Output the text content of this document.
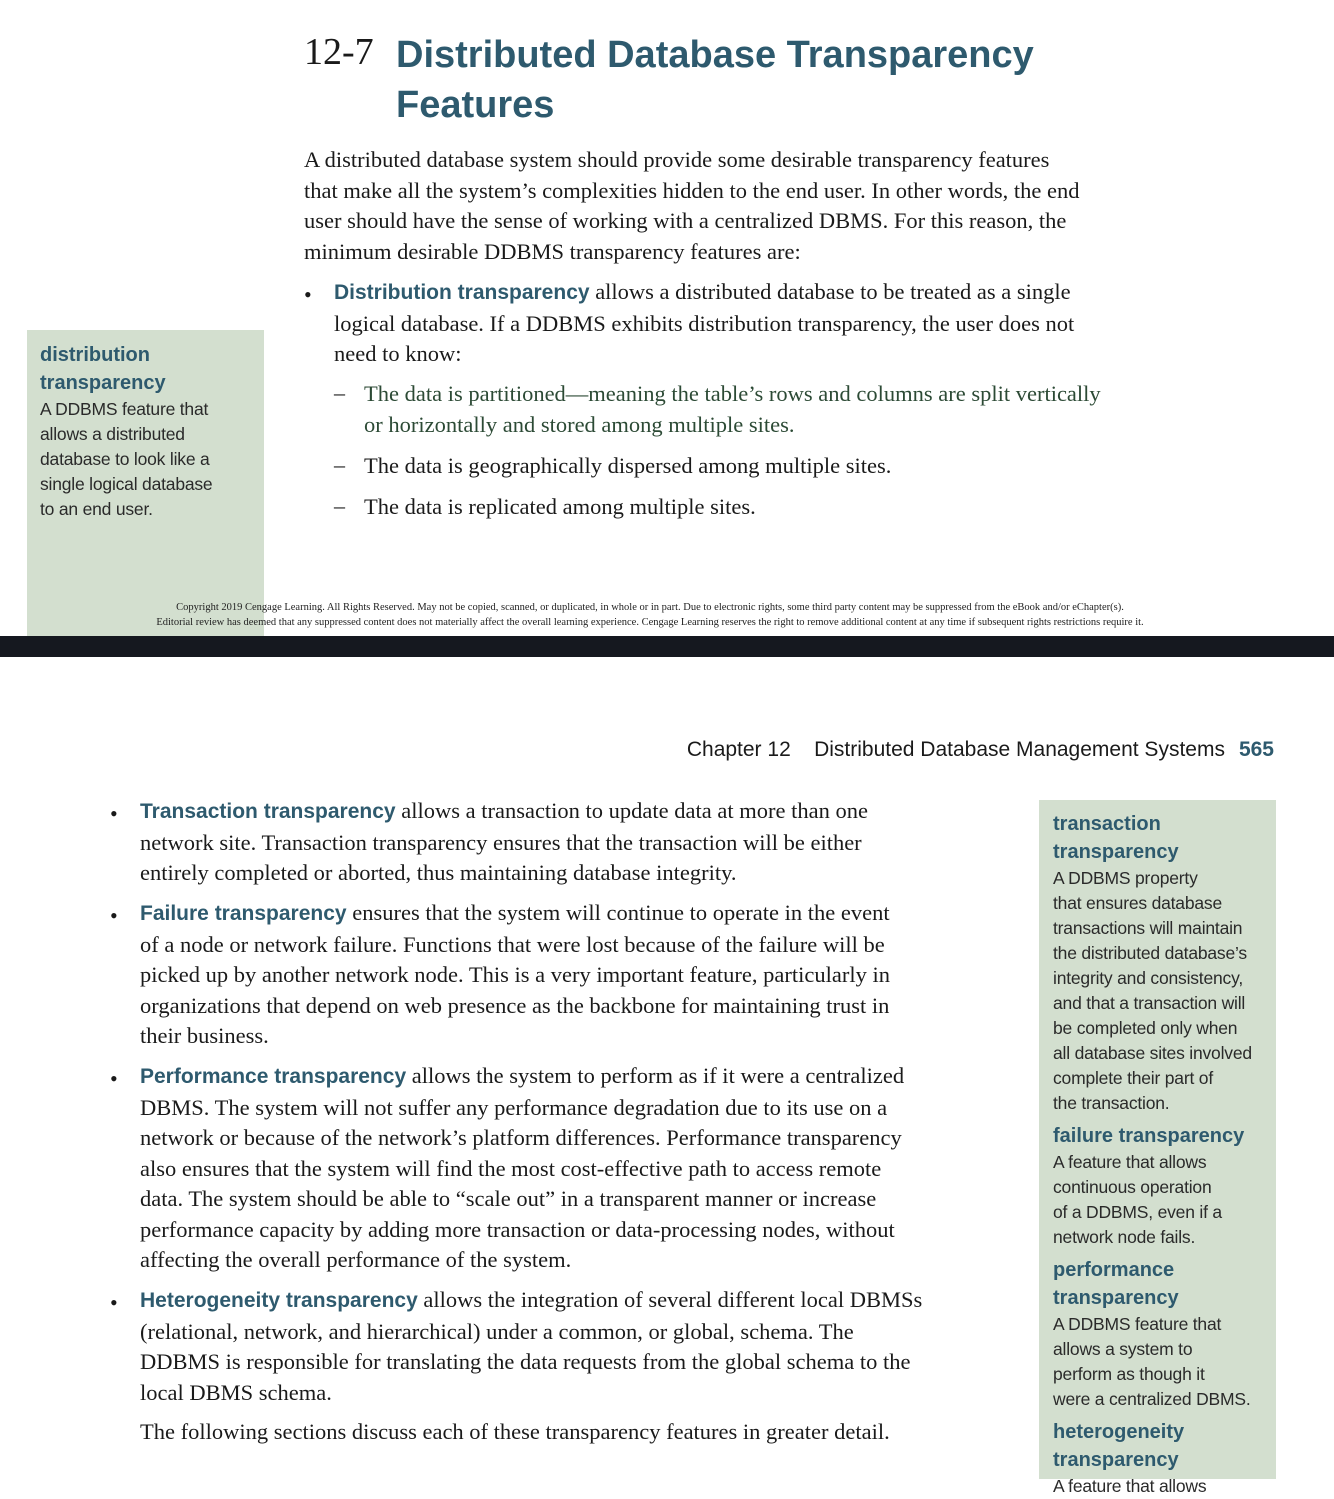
12-7 Distributed Database Transparency
Features
A distributed database system should provide some desirable transparency features
that make all the system’s complexities hidden to the end user. In other words, the end
user should have the sense of working with a centralized DBMS. For this reason, the
minimum desirable DDBMS transparency features are:
• Distribution transparency allows a distributed database to be treated as a single
logical database. If a DDBMS exhibits distribution transparency, the user does not
need to know:
– The data is partitioned—meaning the table’s rows and columns are split vertically
or horizontally and stored among multiple sites.
– The data is geographically dispersed among multiple sites.
– The data is replicated among multiple sites.
distribution
transparency
A DDBMS feature that
allows a distributed
database to look like a
single logical database
to an end user.
Copyright 2019 Cengage Learning. All Rights Reserved. May not be copied, scanned, or duplicated, in whole or in part. Due to electronic rights, some third party content may be suppressed from the eBook and/or eChapter(s).
Editorial review has deemed that any suppressed content does not materially affect the overall learning experience. Cengage Learning reserves the right to remove additional content at any time if subsequent rights restrictions require it.
Chapter 12    Distributed Database Management Systems 565
• Transaction transparency allows a transaction to update data at more than one
network site. Transaction transparency ensures that the transaction will be either
entirely completed or aborted, thus maintaining database integrity.
• Failure transparency ensures that the system will continue to operate in the event
of a node or network failure. Functions that were lost because of the failure will be
picked up by another network node. This is a very important feature, particularly in
organizations that depend on web presence as the backbone for maintaining trust in
their business.
• Performance transparency allows the system to perform as if it were a centralized
DBMS. The system will not suffer any performance degradation due to its use on a
network or because of the network’s platform differences. Performance transparency
also ensures that the system will find the most cost-effective path to access remote
data. The system should be able to “scale out” in a transparent manner or increase
performance capacity by adding more transaction or data-processing nodes, without
affecting the overall performance of the system.
• Heterogeneity transparency allows the integration of several different local DBMSs
(relational, network, and hierarchical) under a common, or global, schema. The
DDBMS is responsible for translating the data requests from the global schema to the
local DBMS schema.
The following sections discuss each of these transparency features in greater detail.
transaction
transparency
A DDBMS property
that ensures database
transactions will maintain
the distributed database’s
integrity and consistency,
and that a transaction will
be completed only when
all database sites involved
complete their part of
the transaction.
failure transparency
A feature that allows
continuous operation
of a DDBMS, even if a
network node fails.
performance
transparency
A DDBMS feature that
allows a system to
perform as though it
were a centralized DBMS.
heterogeneity
transparency
A feature that allows
